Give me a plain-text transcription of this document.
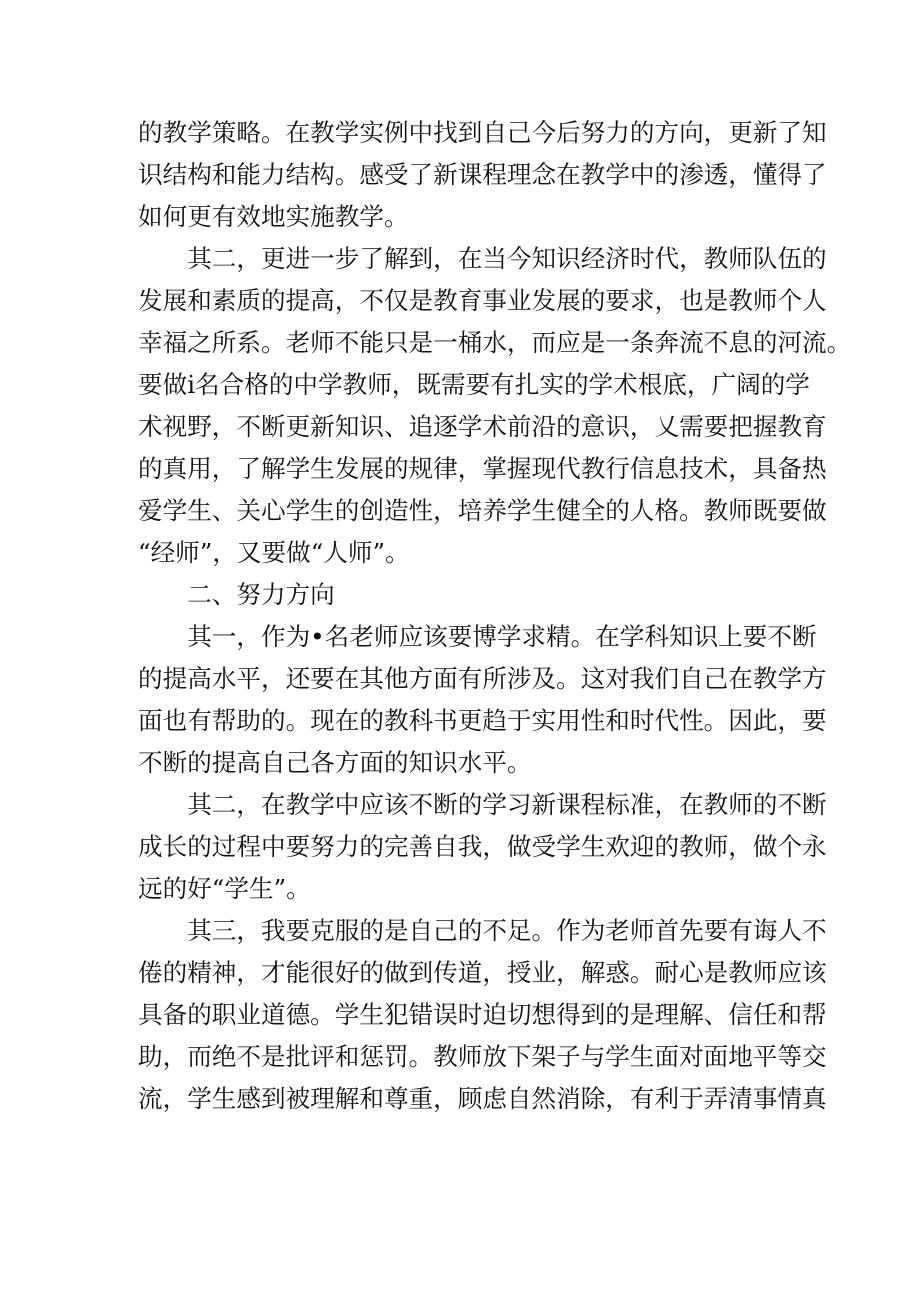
的教学策略。在教学实例中找到自己今后努力的方向，更新了知
识结构和能力结构。感受了新课程理念在教学中的渗透，懂得了
如何更有效地实施教学。
　　其二，更进一步了解到，在当今知识经济时代，教师队伍的
发展和素质的提高，不仅是教育事业发展的要求，也是教师个人
幸福之所系。老师不能只是一桶水，而应是一条奔流不息的河流。
要做i名合格的中学教师，既需要有扎实的学术根底，广阔的学
术视野，不断更新知识、追逐学术前沿的意识，乂需要把握教育
的真用，了解学生发展的规律，掌握现代教行信息技术，具备热
爱学生、关心学生的创造性，培养学生健全的人格。教师既要做
“经师”，又要做“人师”。
　　二、努力方向
　　其一，作为•名老师应该要博学求精。在学科知识上要不断
的提高水平，还要在其他方面有所涉及。这对我们自己在教学方
面也有帮助的。现在的教科书更趋于实用性和时代性。因此，要
不断的提高自己各方面的知识水平。
　　其二，在教学中应该不断的学习新课程标准，在教师的不断
成长的过程中要努力的完善自我，做受学生欢迎的教师，做个永
远的好“学生”。
　　其三，我要克服的是自己的不足。作为老师首先要有诲人不
倦的精神，才能很好的做到传道，授业，解惑。耐心是教师应该
具备的职业道德。学生犯错误时迫切想得到的是理解、信任和帮
助，而绝不是批评和惩罚。教师放下架子与学生面对面地平等交
流，学生感到被理解和尊重，顾虑自然消除，有利于弄清事情真
